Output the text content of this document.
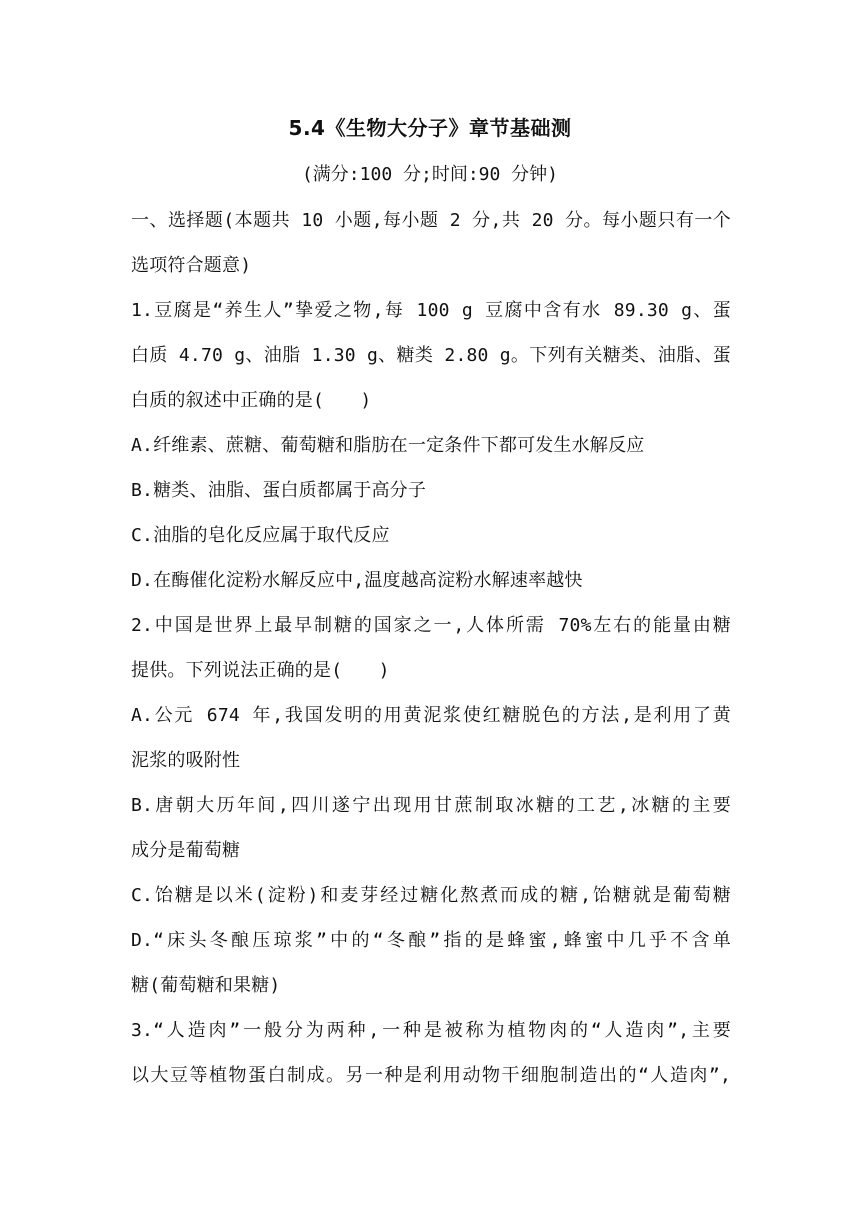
5.4《生物大分子》章节基础测
(满分:100 分;时间:90 分钟)
一、选择题(本题共 10 小题,每小题 2 分,共 20 分。每小题只有一个
选项符合题意)
1.豆腐是“养生人”挚爱之物,每 100 g 豆腐中含有水 89.30 g、蛋
白质 4.70 g、油脂 1.30 g、糖类 2.80 g。下列有关糖类、油脂、蛋
白质的叙述中正确的是(　　)
A.纤维素、蔗糖、葡萄糖和脂肪在一定条件下都可发生水解反应
B.糖类、油脂、蛋白质都属于高分子
C.油脂的皂化反应属于取代反应
D.在酶催化淀粉水解反应中,温度越高淀粉水解速率越快
2.中国是世界上最早制糖的国家之一,人体所需 70%左右的能量由糖
提供。下列说法正确的是(　　)
A.公元 674 年,我国发明的用黄泥浆使红糖脱色的方法,是利用了黄
泥浆的吸附性
B.唐朝大历年间,四川遂宁出现用甘蔗制取冰糖的工艺,冰糖的主要
成分是葡萄糖
C.饴糖是以米(淀粉)和麦芽经过糖化熬煮而成的糖,饴糖就是葡萄糖
D.“床头冬酿压琼浆”中的“冬酿”指的是蜂蜜,蜂蜜中几乎不含单
糖(葡萄糖和果糖)
3.“人造肉”一般分为两种,一种是被称为植物肉的“人造肉”,主要
以大豆等植物蛋白制成。另一种是利用动物干细胞制造出的“人造肉”,
